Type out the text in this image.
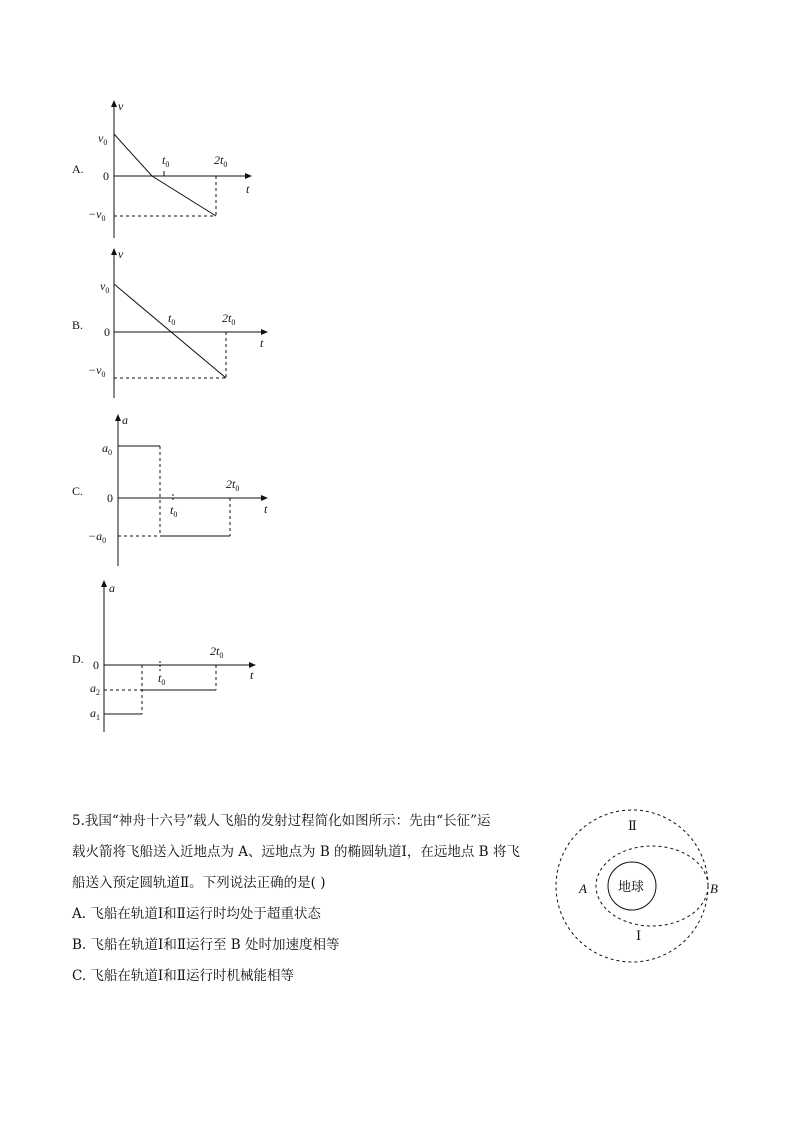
A.
v
t
$v_0$
0
$-v_0$
$t_0$	$2t_0$
B.
v
t
$v_0$
0
$-v_0$
$t_0$	$2t_0$
C.
a
t
$a_0$
0
$-a_0$
$t_0$
$2t_0$
D.
a
t
0
$a_2$
$a_1$
$t_0$
$2t_0$
5.我国“神舟十六号”载人飞船的发射过程简化如图所示：先由“长征”运
载火箭将飞船送入近地点为 A、远地点为 B 的椭圆轨道Ⅰ，在远地点 B 将飞
船送入预定圆轨道Ⅱ。下列说法正确的是( )
A. 飞船在轨道Ⅰ和Ⅱ运行时均处于超重状态
B. 飞船在轨道Ⅰ和Ⅱ运行至 B 处时加速度相等
C. 飞船在轨道Ⅰ和Ⅱ运行时机械能相等
地球
Ⅱ
Ⅰ
A	B
